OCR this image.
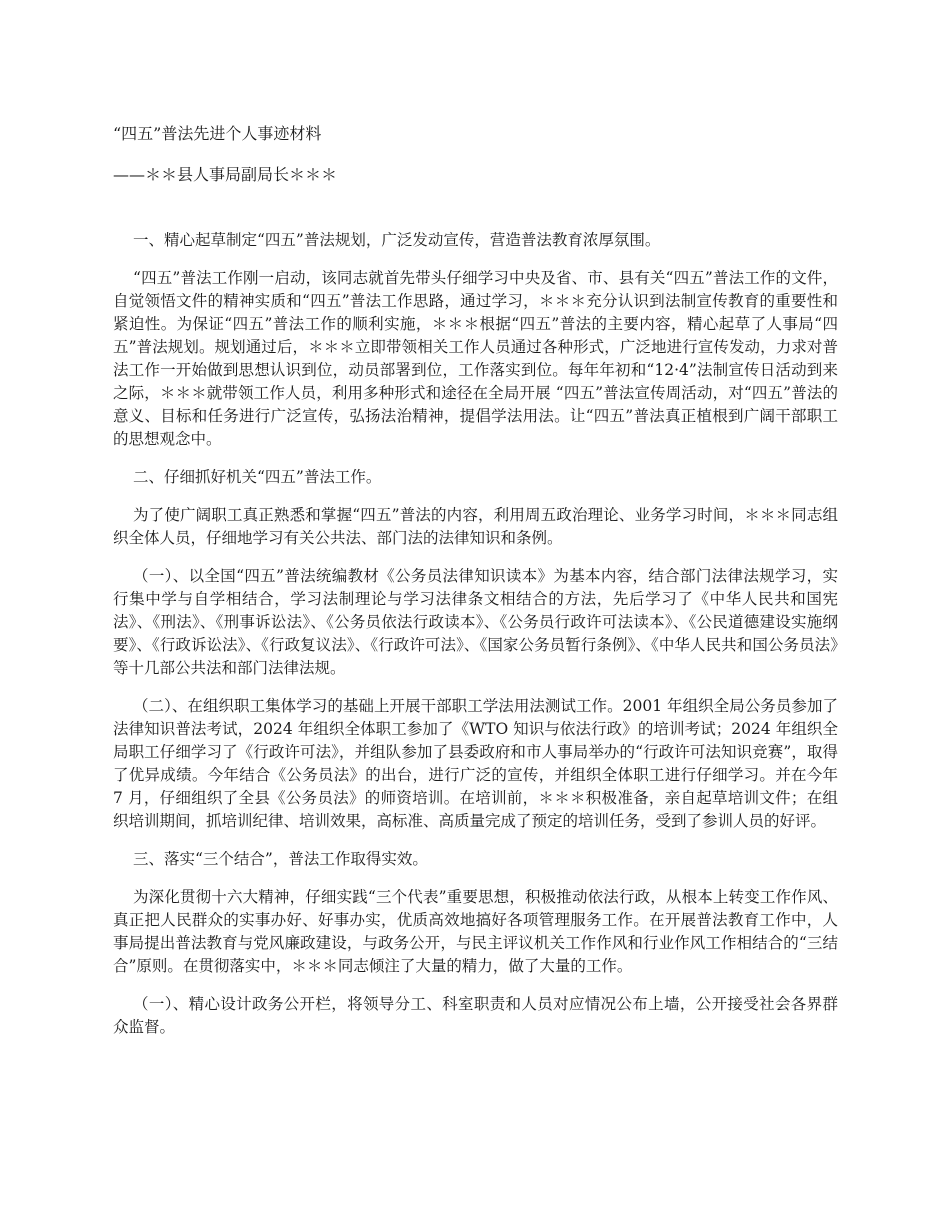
“四五”普法先进个人事迹材料
——＊＊县人事局副局长＊＊＊

一、精心起草制定“四五”普法规划，广泛发动宣传，营造普法教育浓厚氛围。

“四五”普法工作刚一启动，该同志就首先带头仔细学习中央及省、市、县有关“四五”普法工作的文件，自觉领悟文件的精神实质和“四五”普法工作思路，通过学习，＊＊＊充分认识到法制宣传教育的重要性和紧迫性。为保证“四五”普法工作的顺利实施，＊＊＊根据“四五”普法的主要内容，精心起草了人事局“四五”普法规划。规划通过后，＊＊＊立即带领相关工作人员通过各种形式，广泛地进行宣传发动，力求对普法工作一开始做到思想认识到位，动员部署到位，工作落实到位。每年年初和“12·4”法制宣传日活动到来之际，＊＊＊就带领工作人员，利用多种形式和途径在全局开展 “四五”普法宣传周活动，对“四五”普法的意义、目标和任务进行广泛宣传，弘扬法治精神，提倡学法用法。让“四五”普法真正植根到广阔干部职工的思想观念中。

二、仔细抓好机关“四五”普法工作。

为了使广阔职工真正熟悉和掌握“四五”普法的内容，利用周五政治理论、业务学习时间，＊＊＊同志组织全体人员，仔细地学习有关公共法、部门法的法律知识和条例。

（一）、以全国“四五”普法统编教材《公务员法律知识读本》为基本内容，结合部门法律法规学习，实行集中学与自学相结合，学习法制理论与学习法律条文相结合的方法，先后学习了《中华人民共和国宪法》、《刑法》、《刑事诉讼法》、《公务员依法行政读本》、《公务员行政许可法读本》、《公民道德建设实施纲要》、《行政诉讼法》、《行政复议法》、《行政许可法》、《国家公务员暂行条例》、《中华人民共和国公务员法》等十几部公共法和部门法律法规。

（二）、在组织职工集体学习的基础上开展干部职工学法用法测试工作。2001 年组织全局公务员参加了法律知识普法考试，2024 年组织全体职工参加了《WTO 知识与依法行政》的培训考试；2024 年组织全局职工仔细学习了《行政许可法》，并组队参加了县委政府和市人事局举办的“行政许可法知识竞赛”，取得了优异成绩。今年结合《公务员法》的出台，进行广泛的宣传，并组织全体职工进行仔细学习。并在今年 7 月，仔细组织了全县《公务员法》的师资培训。在培训前，＊＊＊积极准备，亲自起草培训文件；在组织培训期间，抓培训纪律、培训效果，高标准、高质量完成了预定的培训任务，受到了参训人员的好评。

三、落实“三个结合”，普法工作取得实效。

为深化贯彻十六大精神，仔细实践“三个代表”重要思想，积极推动依法行政，从根本上转变工作作风、真正把人民群众的实事办好、好事办实，优质高效地搞好各项管理服务工作。在开展普法教育工作中，人事局提出普法教育与党风廉政建设，与政务公开，与民主评议机关工作作风和行业作风工作相结合的“三结合”原则。在贯彻落实中，＊＊＊同志倾注了大量的精力，做了大量的工作。

（一）、精心设计政务公开栏，将领导分工、科室职责和人员对应情况公布上墙，公开接受社会各界群众监督。
